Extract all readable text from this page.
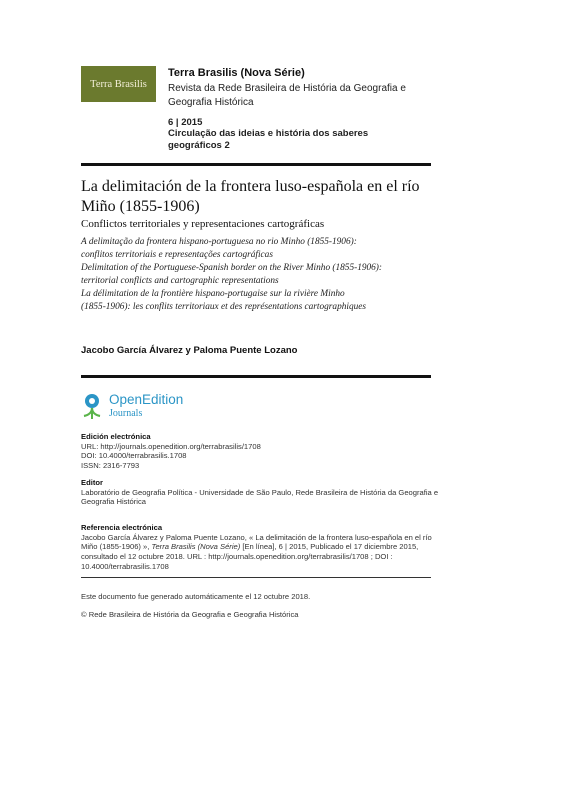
Terra Brasilis
Terra Brasilis (Nova Série)
Revista da Rede Brasileira de História da Geografia e Geografia Histórica
6 | 2015
Circulação das ideias e história dos saberes geográficos 2
La delimitación de la frontera luso-española en el río Miño (1855-1906)
Conflictos territoriales y representaciones cartográficas
A delimitação da frontera hispano-portuguesa no rio Minho (1855-1906):
conflitos territoriais e representações cartográficas
Delimitation of the Portuguese-Spanish border on the River Minho (1855-1906):
territorial conflicts and cartographic representations
La délimitation de la frontière hispano-portugaise sur la rivière Minho
(1855-1906): les conflits territoriaux et des représentations cartographiques
Jacobo García Álvarez y Paloma Puente Lozano
OpenEdition
Journals
Edición electrónica
URL: http://journals.openedition.org/terrabrasilis/1708
DOI: 10.4000/terrabrasilis.1708
ISSN: 2316-7793
Editor
Laboratório de Geografia Política - Universidade de São Paulo, Rede Brasileira de História da Geografia e Geografia Histórica
Referencia electrónica
Jacobo García Álvarez y Paloma Puente Lozano, « La delimitación de la frontera luso-española en el río Miño (1855-1906) », Terra Brasilis (Nova Série) [En línea], 6 | 2015, Publicado el 17 diciembre 2015, consultado el 12 octubre 2018. URL : http://journals.openedition.org/terrabrasilis/1708 ; DOI : 10.4000/terrabrasilis.1708
Este documento fue generado automáticamente el 12 octubre 2018.
© Rede Brasileira de História da Geografia e Geografia Histórica
